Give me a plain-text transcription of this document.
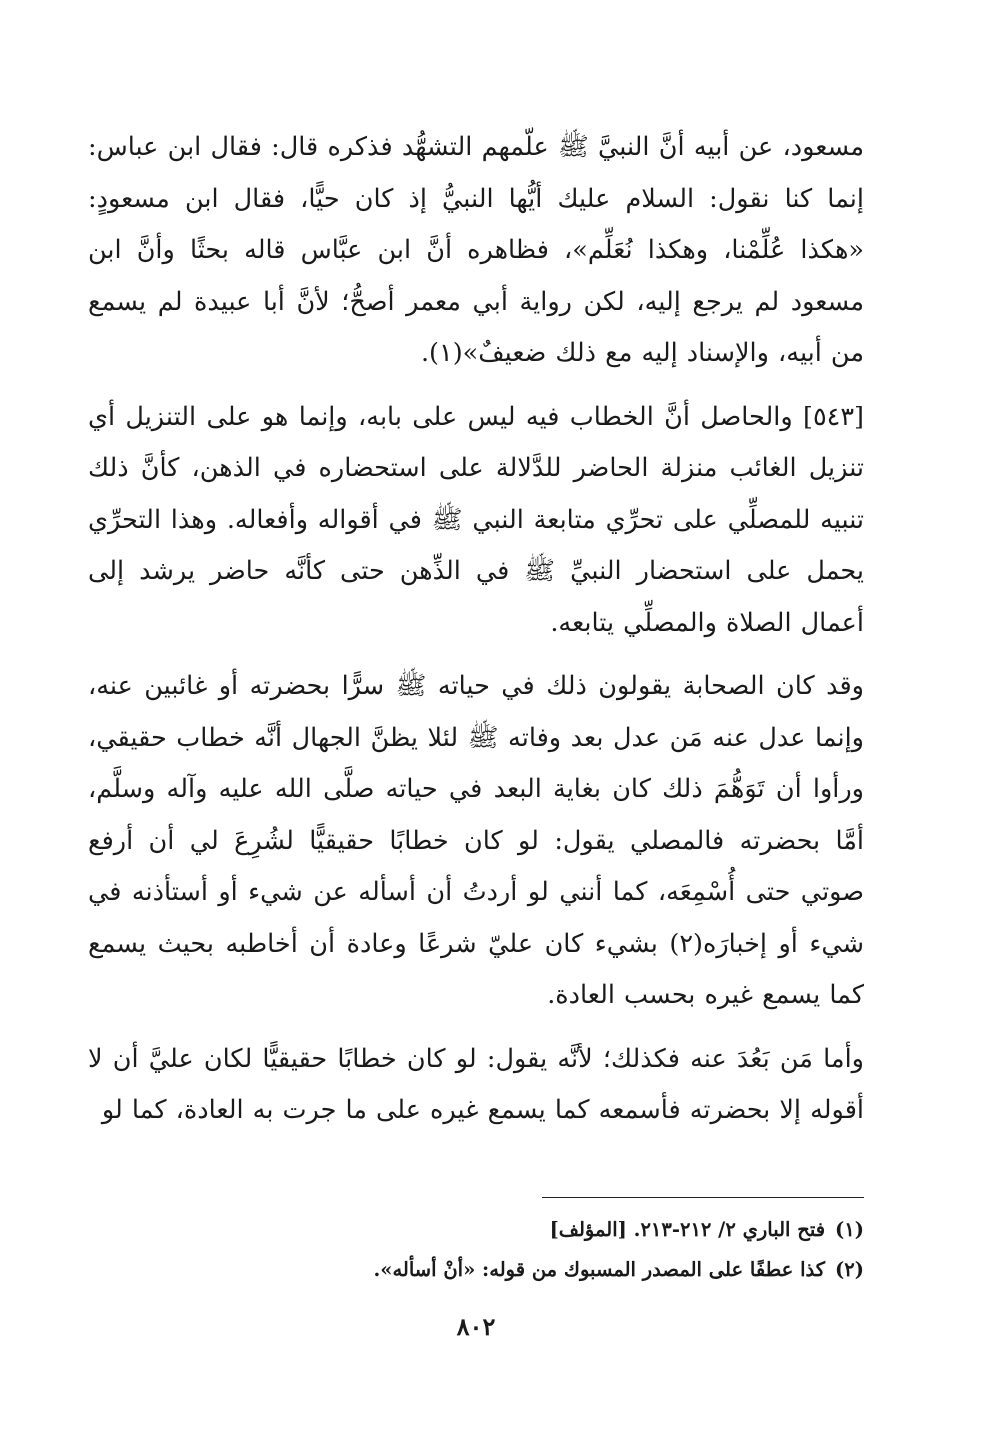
مسعود، عن أبيه أنَّ النبيَّ ﷺ علّمهم التشهُّد فذكره قال: فقال ابن عباس: إنما كنا نقول: السلام عليك أيُّها النبيُّ إذ كان حيًّا، فقال ابن مسعودٍ: «هكذا عُلِّمْنا، وهكذا نُعَلِّم»، فظاهره أنَّ ابن عبَّاس قاله بحثًا وأنَّ ابن مسعود لم يرجع إليه، لكن رواية أبي معمر أصحُّ؛ لأنَّ أبا عبيدة لم يسمع من أبيه، والإسناد إليه مع ذلك ضعيفٌ»(١).

[٥٤٣] والحاصل أنَّ الخطاب فيه ليس على بابه، وإنما هو على التنزيل أي تنزيل الغائب منزلة الحاضر للدَّلالة على استحضاره في الذهن، كأنَّ ذلك تنبيه للمصلِّي على تحرِّي متابعة النبي ﷺ في أقواله وأفعاله. وهذا التحرِّي يحمل على استحضار النبيِّ ﷺ في الذِّهن حتى كأنَّه حاضر يرشد إلى أعمال الصلاة والمصلِّي يتابعه.

وقد كان الصحابة يقولون ذلك في حياته ﷺ سرًّا بحضرته أو غائبين عنه، وإنما عدل عنه مَن عدل بعد وفاته ﷺ لئلا يظنَّ الجهال أنَّه خطاب حقيقي، ورأوا أن تَوَهُّمَ ذلك كان بغاية البعد في حياته صلَّى الله عليه وآله وسلَّم، أمَّا بحضرته فالمصلي يقول: لو كان خطابًا حقيقيًّا لشُرِعَ لي أن أرفع صوتي حتى أُسْمِعَه، كما أنني لو أردتُ أن أسأله عن شيء أو أستأذنه في شيء أو إخبارَه(٢) بشيء كان عليّ شرعًا وعادة أن أخاطبه بحيث يسمع كما يسمع غيره بحسب العادة.

وأما مَن بَعُدَ عنه فكذلك؛ لأنَّه يقول: لو كان خطابًا حقيقيًّا لكان عليَّ أن لا أقوله إلا بحضرته فأسمعه كما يسمع غيره على ما جرت به العادة، كما لو

(١)فتح الباري ٢/ ٢١٢-٢١٣. [المؤلف]
(٢)كذا عطفًا على المصدر المسبوك من قوله: «أنْ أسأله».
٨٠٢
